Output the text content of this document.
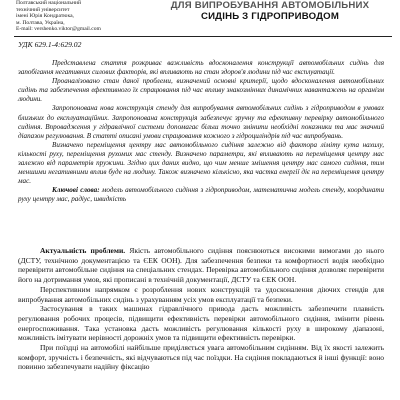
Полтавський національний
технічний університет
імені Юрія Кондратюка,
м. Полтава, Україна,
E-mail: vershenko.viktor@gmail.com
ДЛЯ ВИПРОБУВАННЯ АВТОМОБІЛЬНИХ
СИДІНЬ З ГІДРОПРИВОДОМ
УДК 629.1-4:629.02

Представлена стаття розкриває важливість вдосконалення конструкції автомобільних сидінь для запобігання негативних силових факторів, які впливають на стан здоров'я людини під час експлуатації.

Проаналізовано стан даної проблеми, визначений основні критерії, щодо вдосконалення автомобільних сидінь та забезпечення ефективного їх спрацювання під час впливу знакозмінних динамічних навантажень на організм людини.

Запропонована нова конструкція стенду для випробування автомобільних сидінь з гідроприводом в умовах близьких до експлуатаційних. Запропонована конструкція забезпечує зручну та ефективну перевірку автомобільного сидіння. Впровадження у гідравлічної системи допомагає більш точно змінити необхідні показники та має значний діапазон регулювання. В статті описані умови спрацювання кожного з гідроциліндрів під час випробувань.

Визначено переміщення центру мас автомобільного сидіння залежно від фактора ліміту кута нахилу, кількості руху, переміщення рухомих мас стенду. Визначено параметри, які впливають на переміщення центру мас залежно від параметрів пружини. Згідно цих даних видно, що чим менше змішення центру мас самого сидіння, тим меншими негативними вплив буде на людину. Також визначено кількісно, яка частка енергії діє на переміщення центру мас.

Ключові слова: модель автомобільного сидіння з гідроприводом, математична модель стенду, координати руху центру мас, радіус, швидкість

Актуальність проблеми. Якість автомобільного сидіння пояснюються високими вимогами до нього (ДСТУ, технічною документацією та ЄЕК ООН). Для забезпечення безпеки та комфортності водія необхідно перевірити автомобільне сидіння на спеціальних стендах. Перевірка автомобільного сидіння дозволяє перевірити його на дотримання умов, які прописані в технічній документації, ДСТУ та ЄЕК ООН.

Перспективним напрямком є розроблення нових конструкцій та удосконалення діючих стендів для випробування автомобільних сидінь з урахуванням усіх умов експлуатації та безпеки.

Застосування в таких машинах гідравлічного привода дасть можливість забезпечити плавність регулювання робочих процесів, підвищити ефективність перевірки автомобільного сидіння, змінити рівень енергоспоживання. Така установка дасть можливість регулювання кількості руху в широкому діапазоні, можливість імітувати нерівності дорожніх умов та підвищити ефективність перевірки.

При поїздці на автомобілі найбільше приділяється увага автомобільним сидінням. Від їх якості залежить комфорт, зручність і безпечність, які відчуваються під час поїздки. На сидіння покладаються й інші функції: воно повинно забезпечувати надійну фіксацію
